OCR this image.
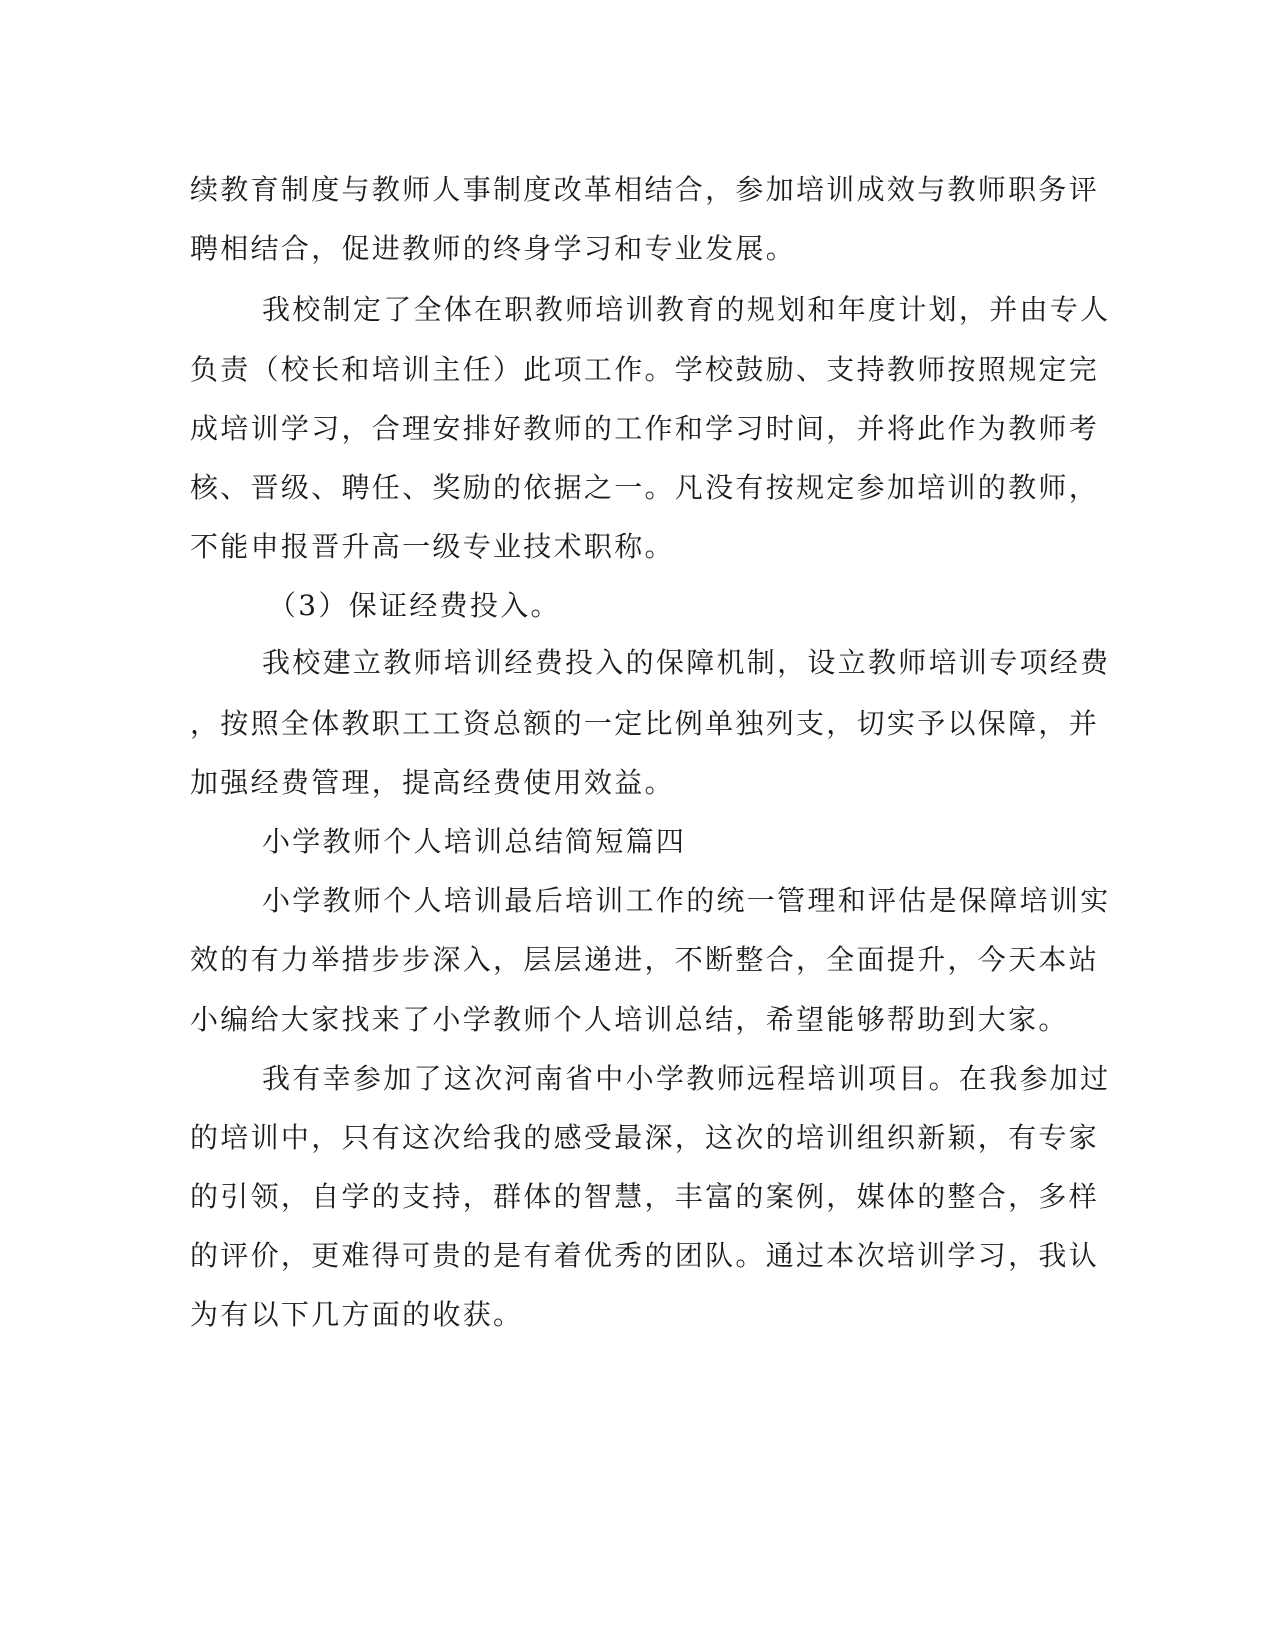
续教育制度与教师人事制度改革相结合，参加培训成效与教师职务评

聘相结合，促进教师的终身学习和专业发展。

我校制定了全体在职教师培训教育的规划和年度计划，并由专人

负责（校长和培训主任）此项工作。学校鼓励、支持教师按照规定完

成培训学习，合理安排好教师的工作和学习时间，并将此作为教师考

核、晋级、聘任、奖励的依据之一。凡没有按规定参加培训的教师，

不能申报晋升高一级专业技术职称。

（3）保证经费投入。

我校建立教师培训经费投入的保障机制，设立教师培训专项经费

，按照全体教职工工资总额的一定比例单独列支，切实予以保障，并

加强经费管理，提高经费使用效益。

小学教师个人培训总结简短篇四

小学教师个人培训最后培训工作的统一管理和评估是保障培训实

效的有力举措步步深入，层层递进，不断整合，全面提升，今天本站

小编给大家找来了小学教师个人培训总结，希望能够帮助到大家。

我有幸参加了这次河南省中小学教师远程培训项目。在我参加过

的培训中，只有这次给我的感受最深，这次的培训组织新颖，有专家

的引领，自学的支持，群体的智慧，丰富的案例，媒体的整合，多样

的评价，更难得可贵的是有着优秀的团队。通过本次培训学习，我认

为有以下几方面的收获。
